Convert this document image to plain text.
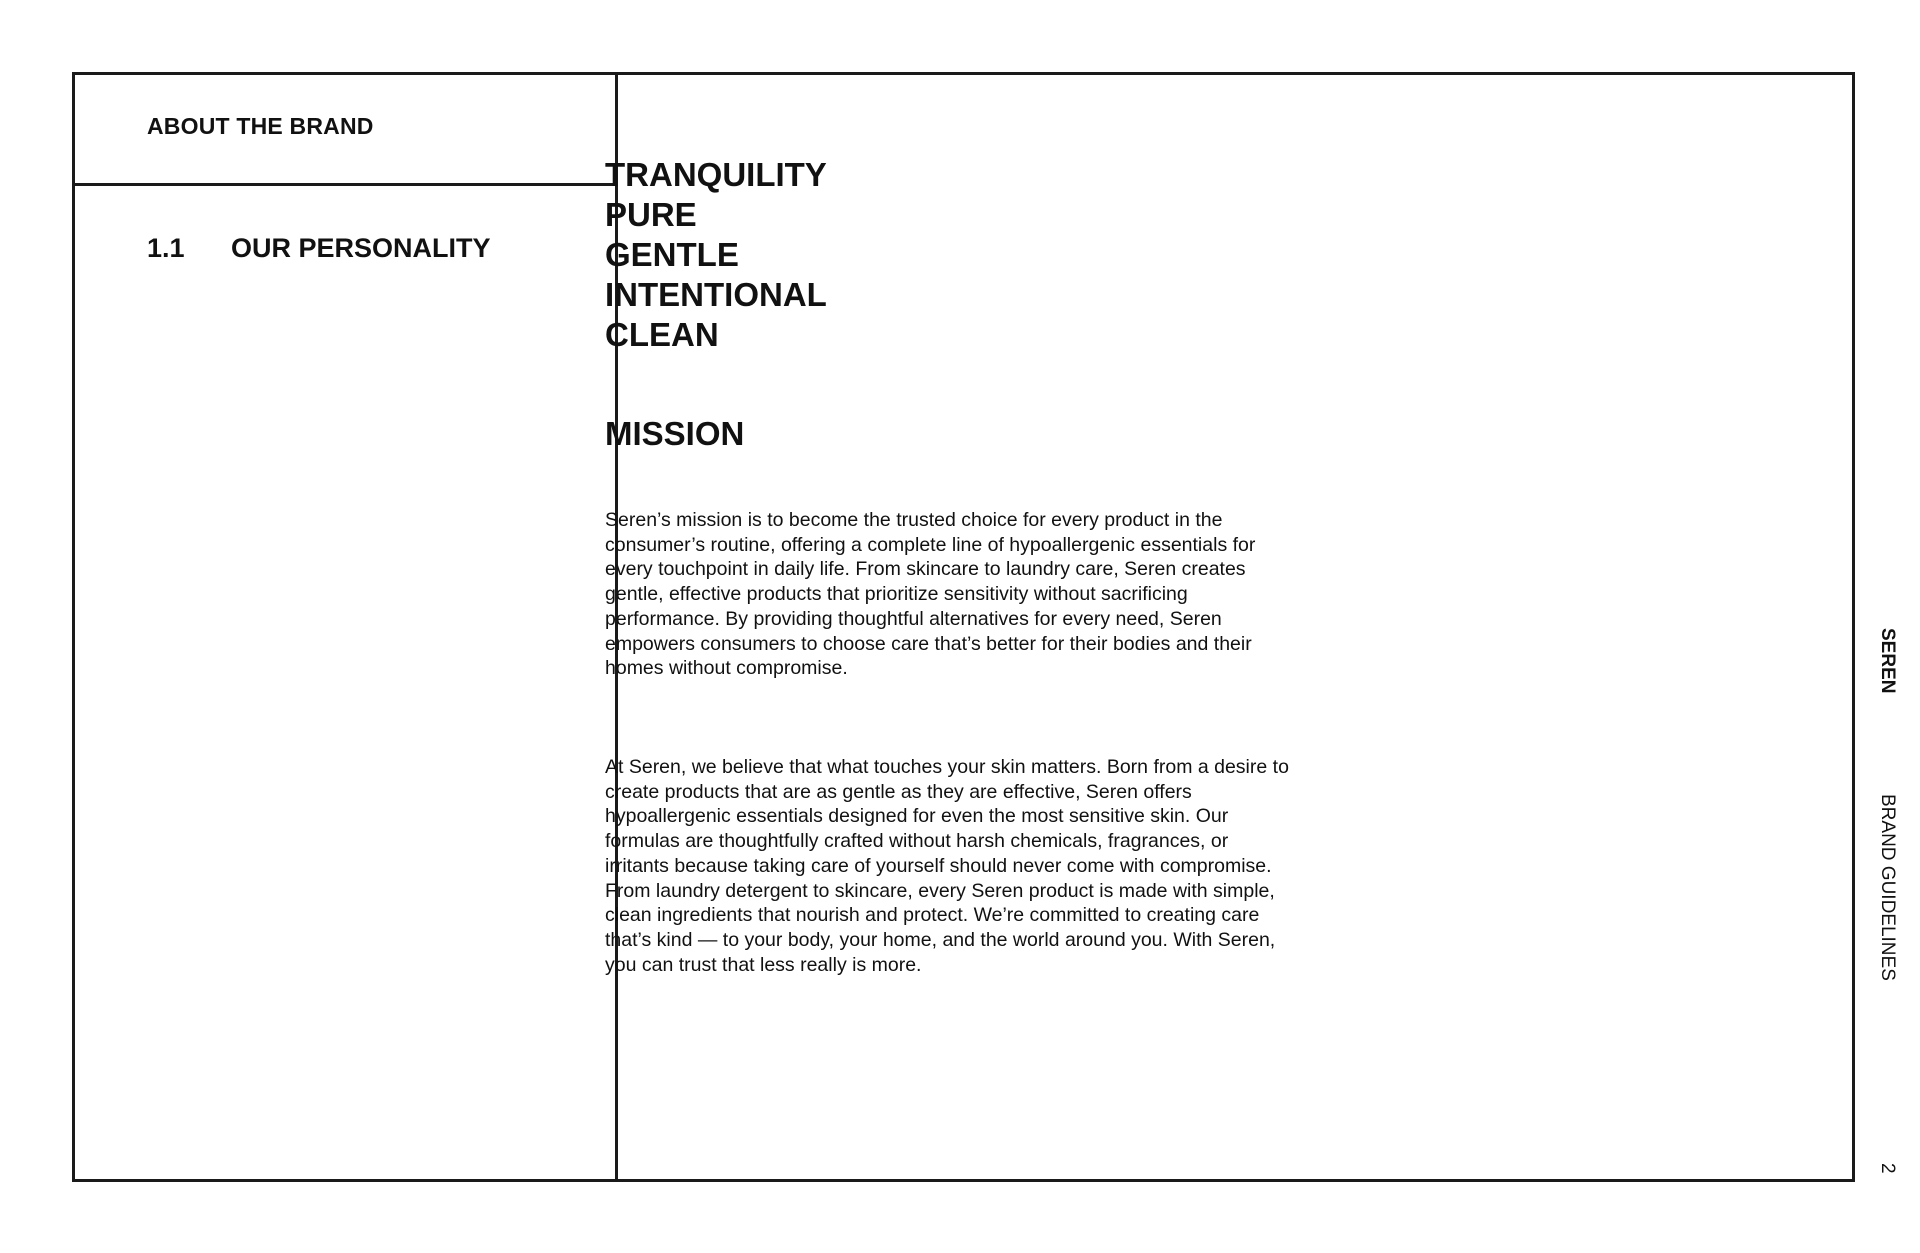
ABOUT THE BRAND
1.1 OUR PERSONALITY
TRANQUILITY
PURE
GENTLE
INTENTIONAL
CLEAN
MISSION

Seren’s mission is to become the trusted choice for every product in the consumer’s routine, offering a complete line of hypoallergenic essentials for every touchpoint in daily life. From skincare to laundry care, Seren creates gentle, effective products that prioritize sensitivity without sacrificing performance. By providing thoughtful alternatives for every need, Seren empowers consumers to choose care that’s better for their bodies and their homes without compromise.

At Seren, we believe that what touches your skin matters. Born from a desire to create products that are as gentle as they are effective, Seren offers hypoallergenic essentials designed for even the most sensitive skin. Our formulas are thoughtfully crafted without harsh chemicals, fragrances, or irritants because taking care of yourself should never come with compromise. From laundry detergent to skincare, every Seren product is made with simple, clean ingredients that nourish and protect. We’re committed to creating care that’s kind — to your body, your home, and the world around you. With Seren, you can trust that less really is more.

SEREN
BRAND GUIDELINES
2
